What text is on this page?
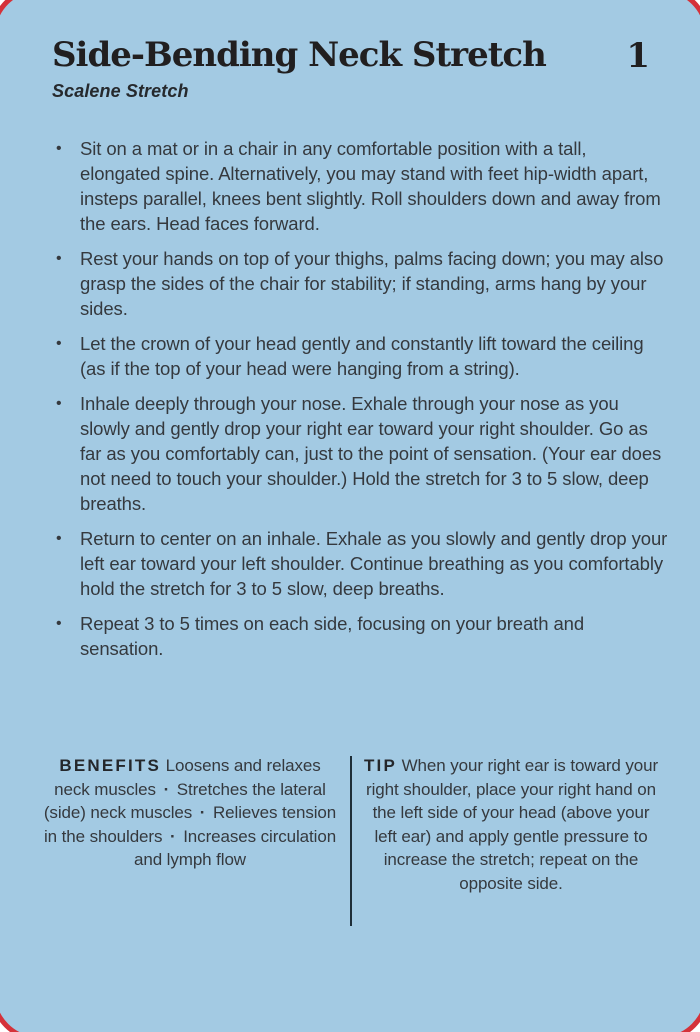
Side-Bending Neck Stretch	1

Scalene Stretch

• Sit on a mat or in a chair in any comfortable position with a tall, elongated spine. Alternatively, you may stand with feet hip-width apart, insteps parallel, knees bent slightly. Roll shoulders down and away from the ears. Head faces forward.
• Rest your hands on top of your thighs, palms facing down; you may also grasp the sides of the chair for stability; if standing, arms hang by your sides.
• Let the crown of your head gently and constantly lift toward the ceiling (as if the top of your head were hanging from a string).
• Inhale deeply through your nose. Exhale through your nose as you slowly and gently drop your right ear toward your right shoulder. Go as far as you comfortably can, just to the point of sensation. (Your ear does not need to touch your shoulder.) Hold the stretch for 3 to 5 slow, deep breaths.
• Return to center on an inhale. Exhale as you slowly and gently drop your left ear toward your left shoulder. Continue breathing as you comfortably hold the stretch for 3 to 5 slow, deep breaths.
• Repeat 3 to 5 times on each side, focusing on your breath and sensation.
BENEFITS Loosens and relaxes neck muscles · Stretches the lateral (side) neck muscles · Relieves tension in the shoulders · Increases circulation and lymph flow
TIP When your right ear is toward your right shoulder, place your right hand on the left side of your head (above your left ear) and apply gentle pressure to increase the stretch; repeat on the opposite side.
